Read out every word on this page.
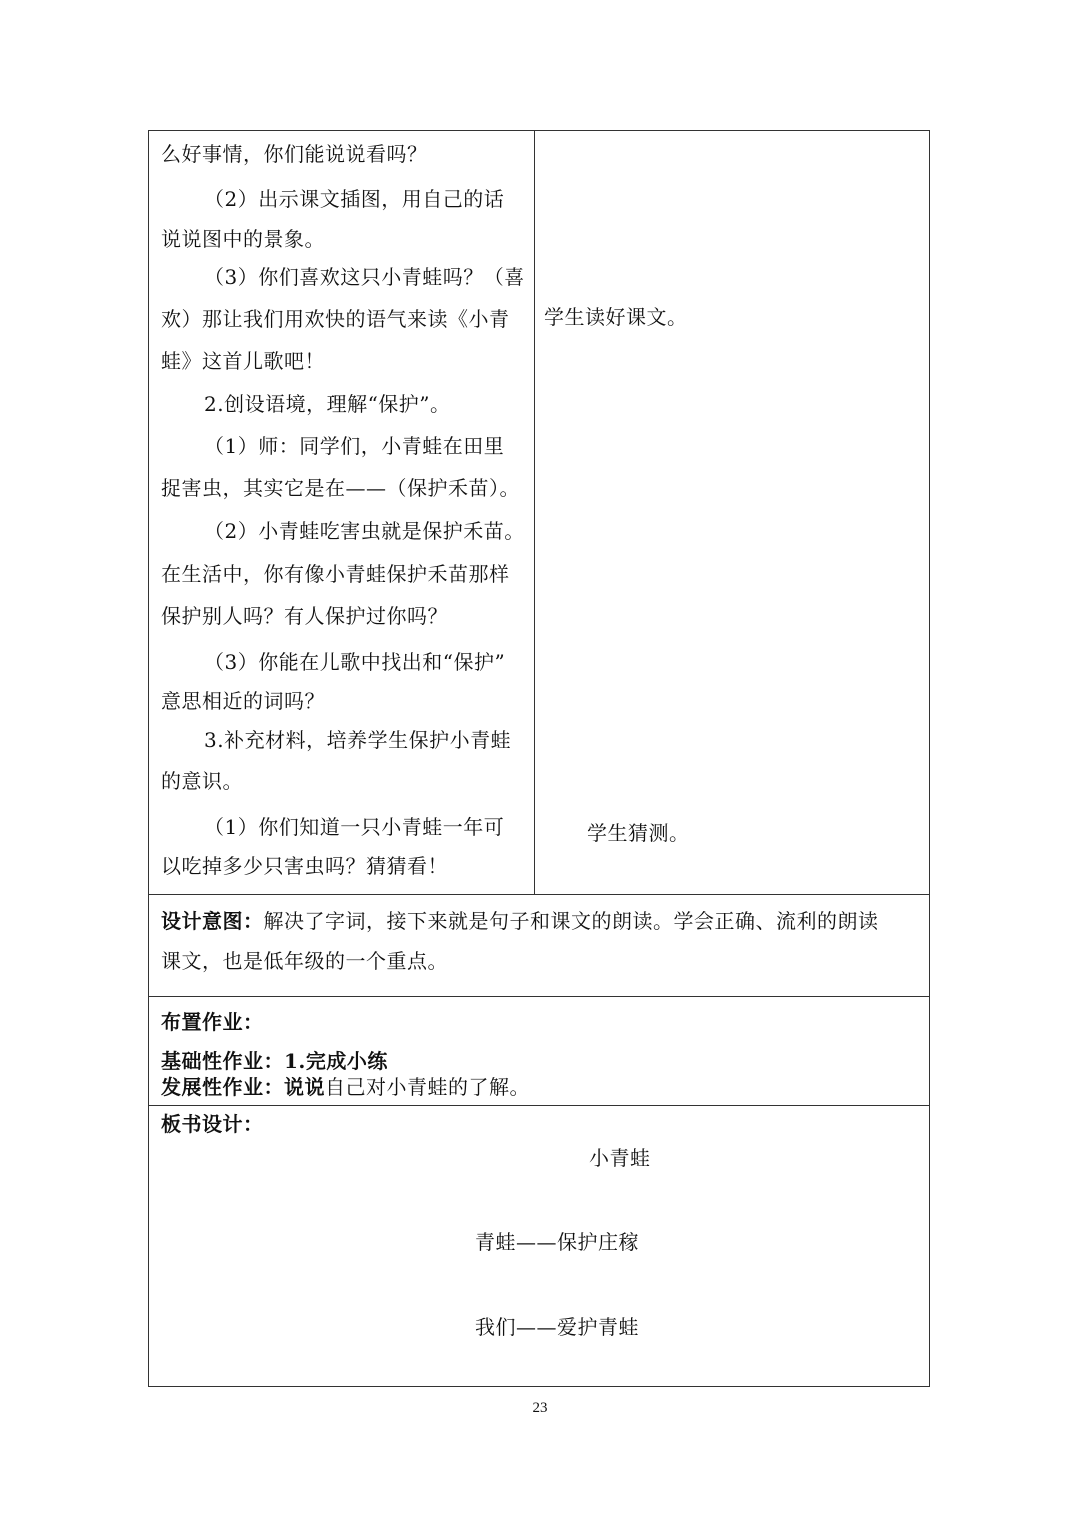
么好事情，你们能说说看吗？
（2）出示课文插图，用自己的话
说说图中的景象。
（3）你们喜欢这只小青蛙吗？（喜
欢）那让我们用欢快的语气来读《小青
蛙》这首儿歌吧！
2.创设语境，理解“保护”。
（1）师：同学们，小青蛙在田里
捉害虫，其实它是在——（保护禾苗）。
（2）小青蛙吃害虫就是保护禾苗。
在生活中，你有像小青蛙保护禾苗那样
保护别人吗？有人保护过你吗？
（3）你能在儿歌中找出和“保护”
意思相近的词吗？
3.补充材料，培养学生保护小青蛙
的意识。
（1）你们知道一只小青蛙一年可
以吃掉多少只害虫吗？猜猜看！
学生读好课文。
学生猜测。
设计意图：解决了字词，接下来就是句子和课文的朗读。学会正确、流利的朗读
课文，也是低年级的一个重点。
布置作业：
基础性作业：1.完成小练
发展性作业：说说自己对小青蛙的了解。
板书设计：
小青蛙
青蛙——保护庄稼
我们——爱护青蛙
23
